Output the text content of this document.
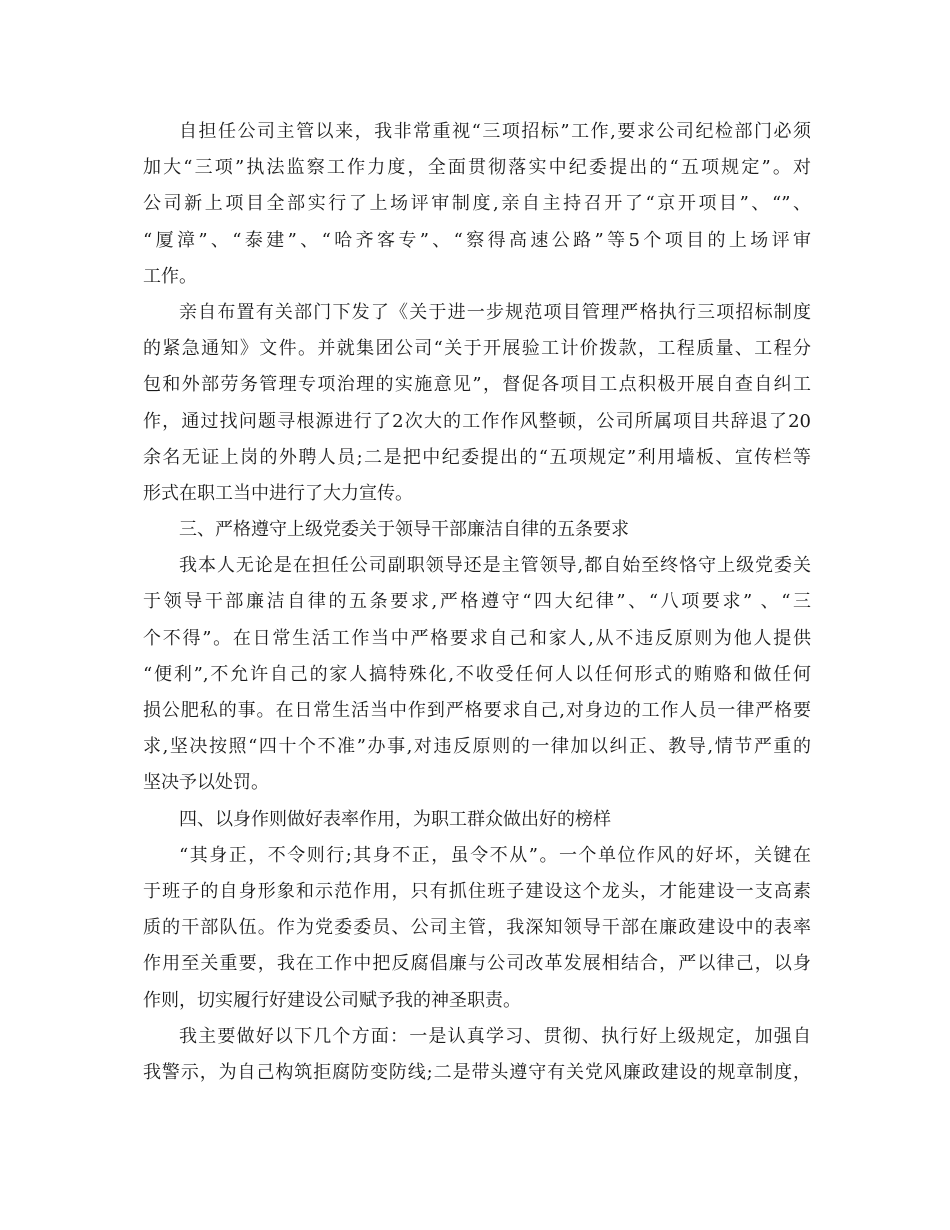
自担任公司主管以来，我非常重视“三项招标”工作,要求公司纪检部门必须
加大“三项”执法监察工作力度，全面贯彻落实中纪委提出的“五项规定”。对
公司新上项目全部实行了上场评审制度,亲自主持召开了“京开项目”、“”、
“厦漳”、“泰建”、“哈齐客专”、“察得高速公路”等5个项目的上场评审
工作。
亲自布置有关部门下发了《关于进一步规范项目管理严格执行三项招标制度
的紧急通知》文件。并就集团公司“关于开展验工计价拨款，工程质量、工程分
包和外部劳务管理专项治理的实施意见”，督促各项目工点积极开展自查自纠工
作，通过找问题寻根源进行了2次大的工作作风整顿，公司所属项目共辞退了20
余名无证上岗的外聘人员;二是把中纪委提出的“五项规定”利用墙板、宣传栏等
形式在职工当中进行了大力宣传。
三、严格遵守上级党委关于领导干部廉洁自律的五条要求
我本人无论是在担任公司副职领导还是主管领导,都自始至终恪守上级党委关
于领导干部廉洁自律的五条要求,严格遵守“四大纪律”、“八项要求” 、“三
个不得”。在日常生活工作当中严格要求自己和家人,从不违反原则为他人提供
“便利”,不允许自己的家人搞特殊化,不收受任何人以任何形式的贿赂和做任何
损公肥私的事。在日常生活当中作到严格要求自己,对身边的工作人员一律严格要
求,坚决按照“四十个不准”办事,对违反原则的一律加以纠正、教导,情节严重的
坚决予以处罚。
四、以身作则做好表率作用，为职工群众做出好的榜样
“其身正，不令则行;其身不正，虽令不从”。一个单位作风的好坏，关键在
于班子的自身形象和示范作用，只有抓住班子建设这个龙头，才能建设一支高素
质的干部队伍。作为党委委员、公司主管，我深知领导干部在廉政建设中的表率
作用至关重要，我在工作中把反腐倡廉与公司改革发展相结合，严以律己，以身
作则，切实履行好建设公司赋予我的神圣职责。
我主要做好以下几个方面：一是认真学习、贯彻、执行好上级规定，加强自
我警示，为自己构筑拒腐防变防线;二是带头遵守有关党风廉政建设的规章制度，
